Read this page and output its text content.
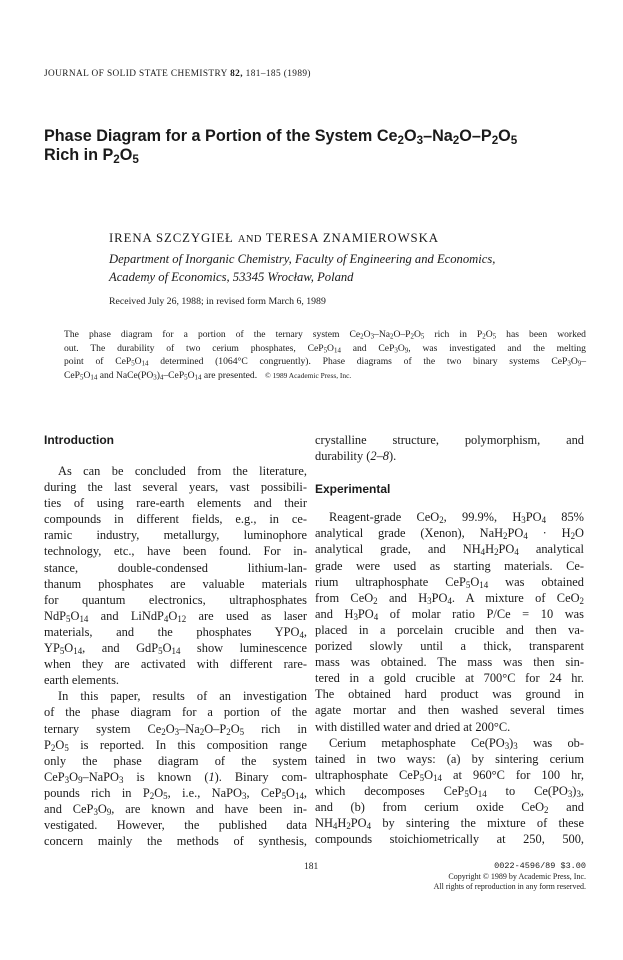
JOURNAL OF SOLID STATE CHEMISTRY 82, 181–185 (1989)
Phase Diagram for a Portion of the System $Ce_2O_3-Na_2O-P_2O_5$
Rich in $P_2O_5$
IRENA SZCZYGIEŁ AND TERESA ZNAMIEROWSKA
Department of Inorganic Chemistry, Faculty of Engineering and Economics,
Academy of Economics, 53345 Wrocław, Poland
Received July 26, 1988; in revised form March 6, 1989
The phase diagram for a portion of the ternary system $Ce_2O_3-Na_2O-P_2O_5$ rich in $P_2O_5$ has been worked
out. The durability of two cerium phosphates, $CeP_5O_{14}$ and $CeP_3O_9$, was investigated and the melting
point of $CeP_5O_{14}$ determined (1064°C congruently). Phase diagrams of the two binary systems $CeP_3O_9-$
$CeP_5O_{14}$ and $NaCe(PO_3)_4-CeP_5O_{14}$ are presented. © 1989 Academic Press, Inc.
Introduction
As can be concluded from the literature,
during the last several years, vast possibili-
ties of using rare-earth elements and their
compounds in different fields, e.g., in ce-
ramic industry, metallurgy, luminophore
technology, etc., have been found. For in-
stance, double-condensed lithium-lan-
thanum phosphates are valuable materials
for quantum electronics, ultraphosphates
$NdP_5O_{14}$ and $LiNdP_4O_{12}$ are used as laser
materials, and the phosphates $YPO_4$,
$YP_5O_{14}$, and $GdP_5O_{14}$ show luminescence
when they are activated with different rare-
earth elements.
In this paper, results of an investigation
of the phase diagram for a portion of the
ternary system $Ce_2O_3-Na_2O-P_2O_5$ rich in
$P_2O_5$ is reported. In this composition range
only the phase diagram of the system
$CeP_3O_9-NaPO_3$ is known (1). Binary com-
pounds rich in $P_2O_5$, i.e., NaPO$_3$, $CeP_5O_{14}$,
and $CeP_3O_9$, are known and have been in-
vestigated. However, the published data
concern mainly the methods of synthesis,
crystalline structure, polymorphism, and
durability (2–8).
Experimental
Reagent-grade CeO$_2$, 99.9%, $H_3PO_4$ 85%
analytical grade (Xenon), $NaH_2PO_4 \cdot H_2O$
analytical grade, and $NH_4H_2PO_4$ analytical
grade were used as starting materials. Ce-
rium ultraphosphate $CeP_5O_{14}$ was obtained
from CeO$_2$ and $H_3PO_4$. A mixture of CeO$_2$
and $H_3PO_4$ of molar ratio P/Ce = 10 was
placed in a porcelain crucible and then va-
porized slowly until a thick, transparent
mass was obtained. The mass was then sin-
tered in a gold crucible at 700°C for 24 hr.
The obtained hard product was ground in
agate mortar and then washed several times
with distilled water and dried at 200°C.
Cerium metaphosphate $Ce(PO_3)_3$ was ob-
tained in two ways: (a) by sintering cerium
ultraphosphate $CeP_5O_{14}$ at 960°C for 100 hr,
which decomposes $CeP_5O_{14}$ to $Ce(PO_3)_3$,
and (b) from cerium oxide CeO$_2$ and
$NH_4H_2PO_4$ by sintering the mixture of these
compounds stoichiometrically at 250, 500,
181	0022-4596/89 $3.00
Copyright © 1989 by Academic Press, Inc.
All rights of reproduction in any form reserved.
